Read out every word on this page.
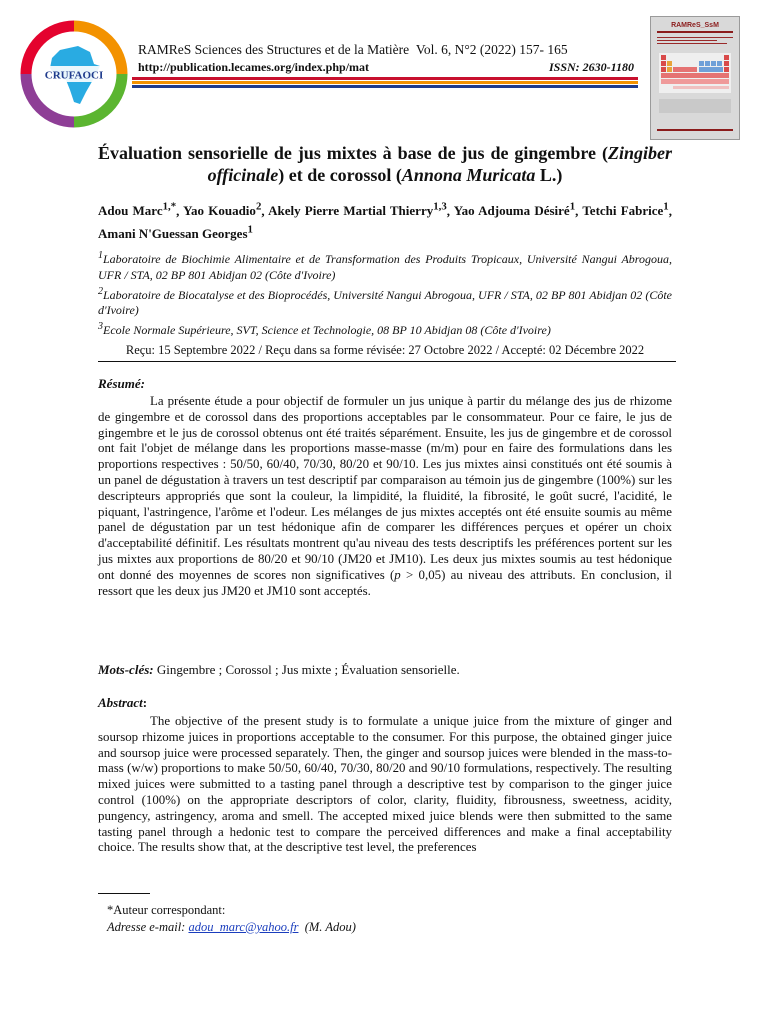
CRUFAOCI
RAMReS Sciences des Structures et de la Matière Vol. 6, N°2 (2022) 157- 165
http://publication.lecames.org/index.php/mat	ISSN: 2630-1180
RAMReS_SsM
Évaluation sensorielle de jus mixtes à base de jus de gingembre (Zingiber officinale) et de corossol (Annona Muricata L.)
Adou Marc$^{1,*}$, Yao Kouadio$^2$, Akely Pierre Martial Thierry$^{1,3}$, Yao Adjouma Désiré$^1$, Tetchi Fabrice$^1$, Amani N'Guessan Georges$^1$
$^1$Laboratoire de Biochimie Alimentaire et de Transformation des Produits Tropicaux, Université Nangui Abrogoua, UFR / STA, 02 BP 801 Abidjan 02 (Côte d'Ivoire)
$^2$Laboratoire de Biocatalyse et des Bioprocédés, Université Nangui Abrogoua, UFR / STA, 02 BP 801 Abidjan 02 (Côte d'Ivoire)
$^3$Ecole Normale Supérieure, SVT, Science et Technologie, 08 BP 10 Abidjan 08 (Côte d'Ivoire)
Reçu: 15 Septembre 2022 / Reçu dans sa forme révisée: 27 Octobre 2022 / Accepté: 02 Décembre 2022
Résumé:
La présente étude a pour objectif de formuler un jus unique à partir du mélange des jus de rhizome de gingembre et de corossol dans des proportions acceptables par le consommateur. Pour ce faire, le jus de gingembre et le jus de corossol obtenus ont été traités séparément. Ensuite, les jus de gingembre et de corossol ont fait l'objet de mélange dans les proportions masse-masse (m/m) pour en faire des formulations dans les proportions respectives : 50/50, 60/40, 70/30, 80/20 et 90/10. Les jus mixtes ainsi constitués ont été soumis à un panel de dégustation à travers un test descriptif par comparaison au témoin jus de gingembre (100%) sur les descripteurs appropriés que sont la couleur, la limpidité, la fluidité, la fibrosité, le goût sucré, l'acidité, le piquant, l'astringence, l'arôme et l'odeur. Les mélanges de jus mixtes acceptés ont été ensuite soumis au même panel de dégustation par un test hédonique afin de comparer les différences perçues et opérer un choix d'acceptabilité définitif. Les résultats montrent qu'au niveau des tests descriptifs les préférences portent sur les jus mixtes aux proportions de 80/20 et 90/10 (JM20 et JM10). Les deux jus mixtes soumis au test hédonique ont donné des moyennes de scores non significatives (p > 0,05) au niveau des attributs. En conclusion, il ressort que les deux jus JM20 et JM10 sont acceptés.
Mots-clés: Gingembre ; Corossol ; Jus mixte ; Évaluation sensorielle.
Abstract:
The objective of the present study is to formulate a unique juice from the mixture of ginger and soursop rhizome juices in proportions acceptable to the consumer. For this purpose, the obtained ginger juice and soursop juice were processed separately. Then, the ginger and soursop juices were blended in the mass-to-mass (w/w) proportions to make 50/50, 60/40, 70/30, 80/20 and 90/10 formulations, respectively. The resulting mixed juices were submitted to a tasting panel through a descriptive test by comparison to the ginger juice control (100%) on the appropriate descriptors of color, clarity, fluidity, fibrousness, sweetness, acidity, pungency, astringency, aroma and smell. The accepted mixed juice blends were then submitted to the same tasting panel through a hedonic test to compare the perceived differences and make a final acceptability choice. The results show that, at the descriptive test level, the preferences
*Auteur correspondant:
Adresse e-mail: adou_marc@yahoo.fr  (M. Adou)
